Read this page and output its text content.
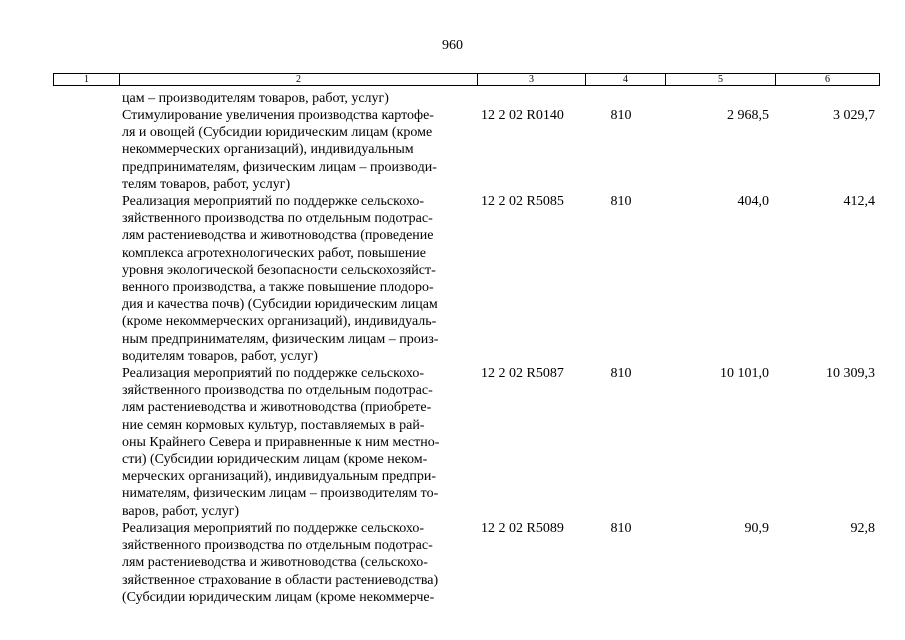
960
1	2	3	4	5	6
цам – производителям товаров, работ, услуг)
Стимулирование увеличения производства картофе-
ля и овощей (Субсидии юридическим лицам (кроме
некоммерческих организаций), индивидуальным
предпринимателям, физическим лицам – производи-
телям товаров, работ, услуг)
12 2 02 R0140	810	2 968,5	3 029,7
Реализация мероприятий по поддержке сельскохо-
зяйственного производства по отдельным подотрас-
лям растениеводства и животноводства (проведение
комплекса агротехнологических работ, повышение
уровня экологической безопасности сельскохозяйст-
венного производства, а также повышение плодоро-
дия и качества почв) (Субсидии юридическим лицам
(кроме некоммерческих организаций), индивидуаль-
ным предпринимателям, физическим лицам – произ-
водителям товаров, работ, услуг)
12 2 02 R5085	810	404,0	412,4
Реализация мероприятий по поддержке сельскохо-
зяйственного производства по отдельным подотрас-
лям растениеводства и животноводства (приобрете-
ние семян кормовых культур, поставляемых в рай-
оны Крайнего Севера и приравненные к ним местно-
сти) (Субсидии юридическим лицам (кроме неком-
мерческих организаций), индивидуальным предпри-
нимателям, физическим лицам – производителям то-
варов, работ, услуг)
12 2 02 R5087	810	10 101,0	10 309,3
Реализация мероприятий по поддержке сельскохо-
зяйственного производства по отдельным подотрас-
лям растениеводства и животноводства (сельскохо-
зяйственное страхование в области растениеводства)
(Субсидии юридическим лицам (кроме некоммерче-
12 2 02 R5089	810	90,9	92,8
